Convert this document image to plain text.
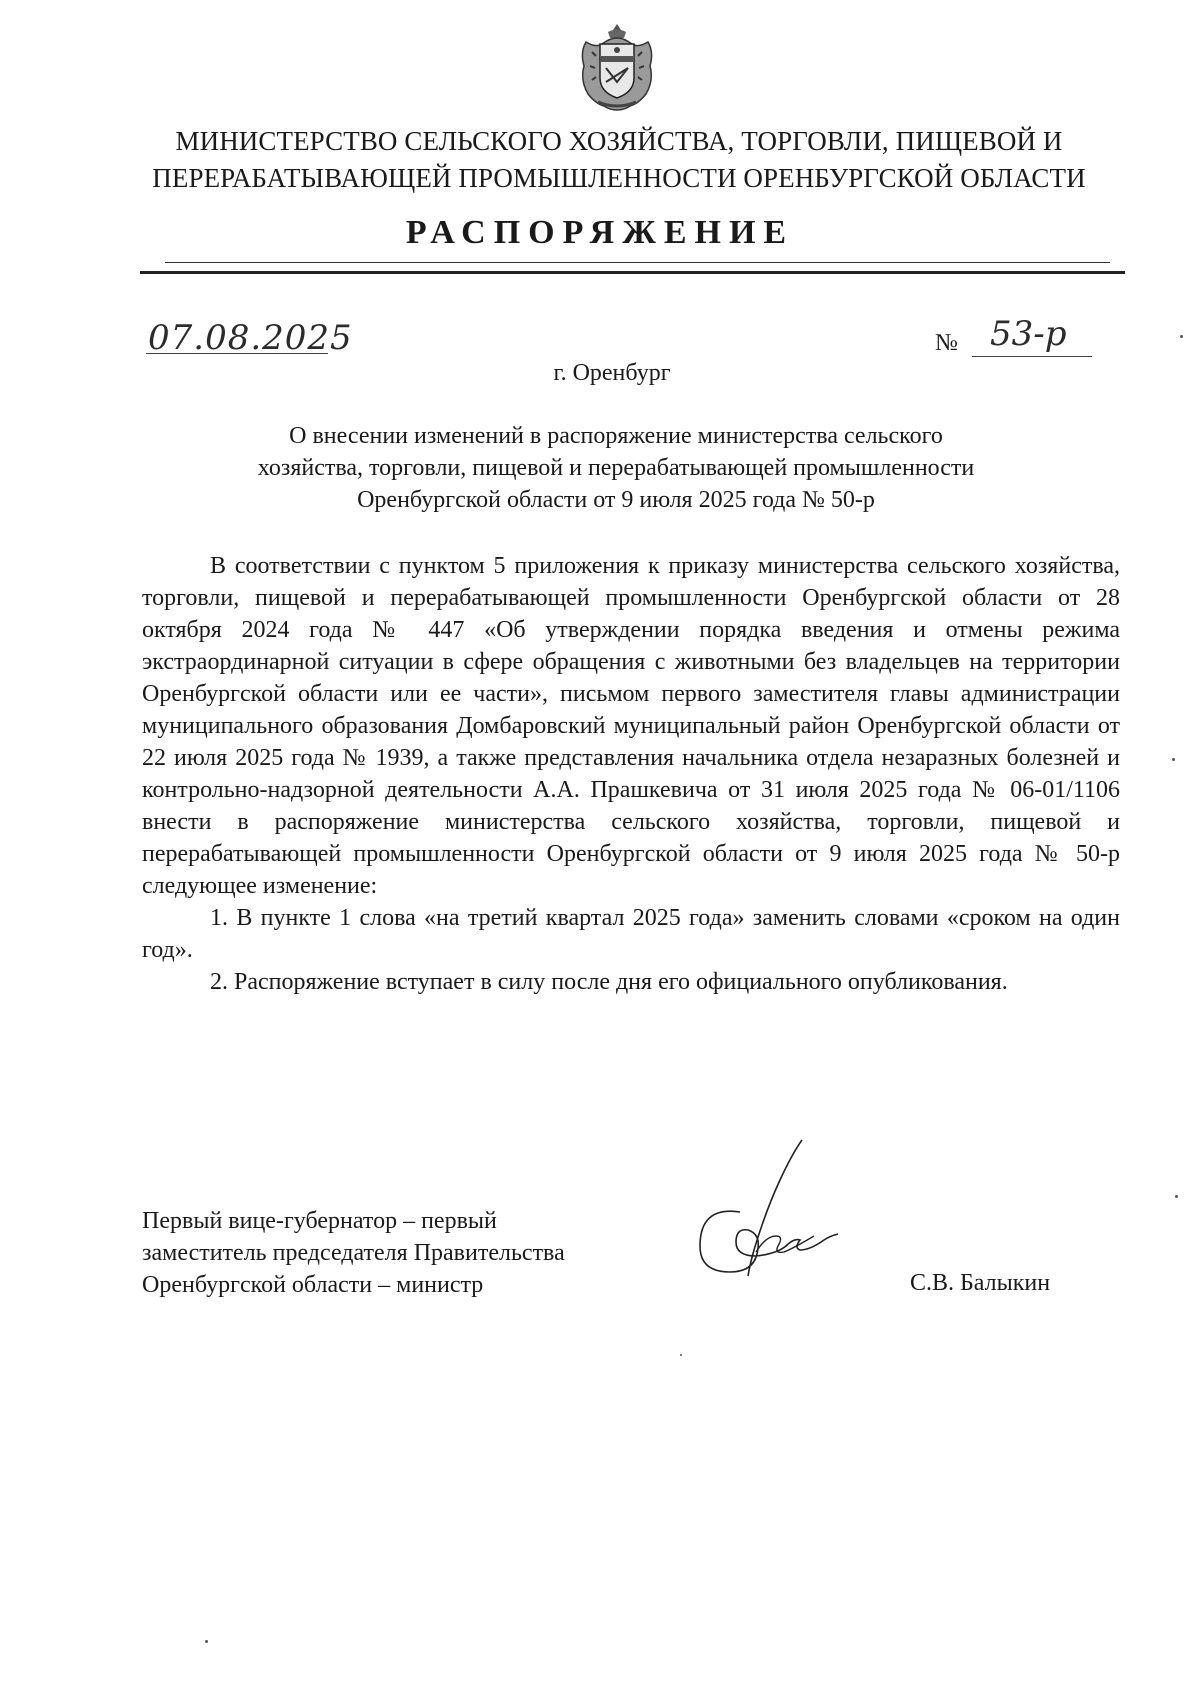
МИНИСТЕРСТВО СЕЛЬСКОГО ХОЗЯЙСТВА, ТОРГОВЛИ, ПИЩЕВОЙ И
ПЕРЕРАБАТЫВАЮЩЕЙ ПРОМЫШЛЕННОСТИ ОРЕНБУРГСКОЙ ОБЛАСТИ
РАСПОРЯЖЕНИЕ
07.08.2025	№ 53-р
г. Оренбург
О внесении изменений в распоряжение министерства сельского
хозяйства, торговли, пищевой и перерабатывающей промышленности
Оренбургской области от 9 июля 2025 года № 50-р

В соответствии с пунктом 5 приложения к приказу министерства сельского хозяйства, торговли, пищевой и перерабатывающей промышленности Оренбургской области от 28 октября 2024 года № 447 «Об утверждении порядка введения и отмены режима экстраординарной ситуации в сфере обращения с животными без владельцев на территории Оренбургской области или ее части», письмом первого заместителя главы администрации муниципального образования Домбаровский муниципальный район Оренбургской области от 22 июля 2025 года № 1939, а также представления начальника отдела незаразных болезней и контрольно-надзорной деятельности А.А. Прашкевича от 31 июля 2025 года № 06-01/1106 внести в распоряжение министерства сельского хозяйства, торговли, пищевой и перерабатывающей промышленности Оренбургской области от 9 июля 2025 года № 50-р следующее изменение:

1. В пункте 1 слова «на третий квартал 2025 года» заменить словами «сроком на один год».
2. Распоряжение вступает в силу после дня его официального опубликования.
Первый вице-губернатор – первый
заместитель председателя Правительства
Оренбургской области – министр	С.В. Балыкин
